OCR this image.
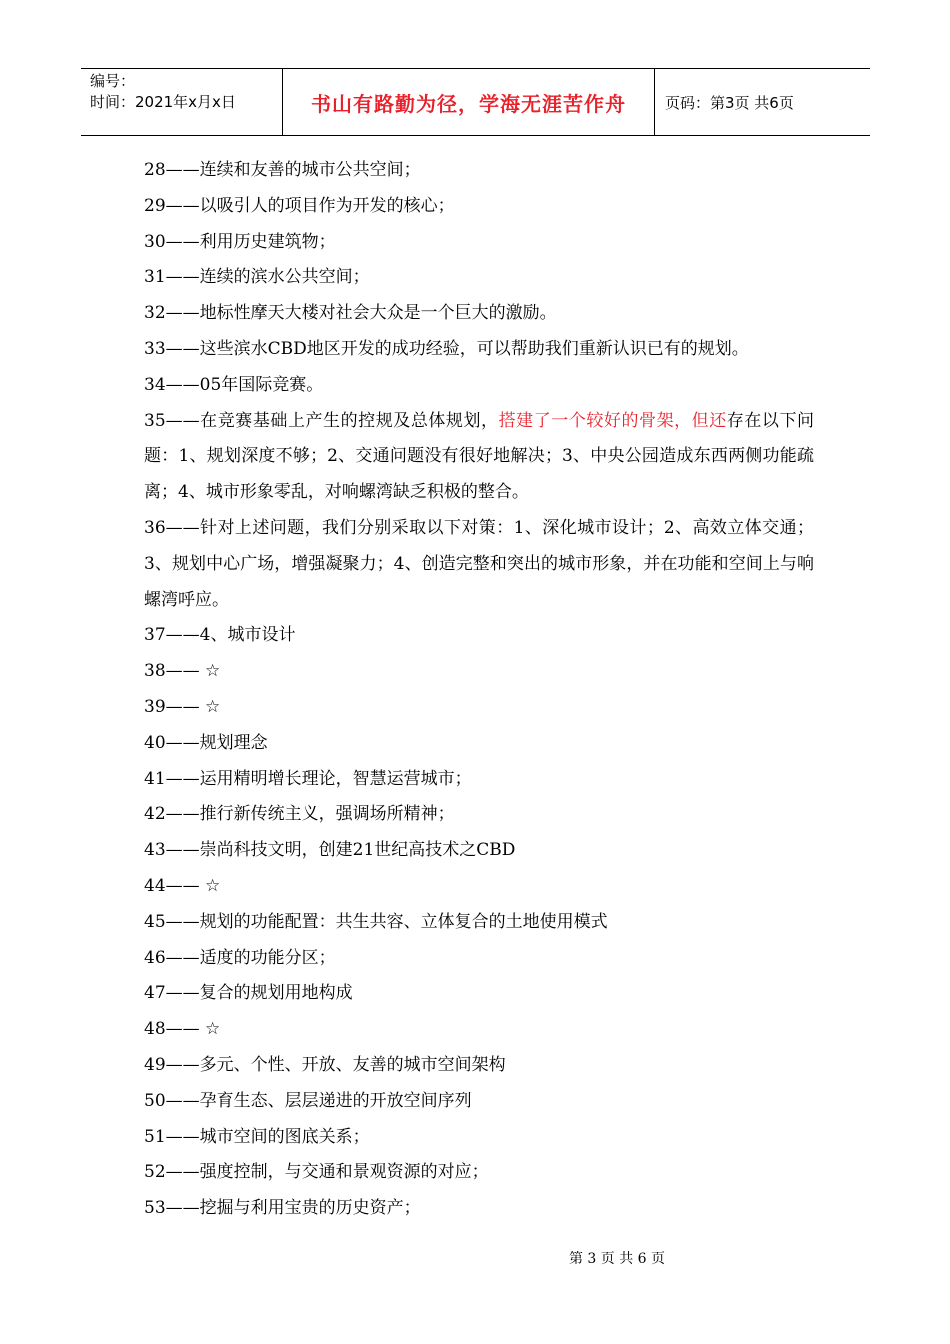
编号：
时间：2021年x月x日	书山有路勤为径，学海无涯苦作舟	页码：第3页 共6页
28——连续和友善的城市公共空间；
29——以吸引人的项目作为开发的核心；
30——利用历史建筑物；
31——连续的滨水公共空间；
32——地标性摩天大楼对社会大众是一个巨大的激励。
33——这些滨水CBD地区开发的成功经验，可以帮助我们重新认识已有的规划。
34——05年国际竞赛。
35——在竞赛基础上产生的控规及总体规划，搭建了一个较好的骨架，但还存在以下问题：1、规划深度不够；2、交通问题没有很好地解决；3、中央公园造成东西两侧功能疏离；4、城市形象零乱，对响螺湾缺乏积极的整合。
36——针对上述问题，我们分别采取以下对策：1、深化城市设计；2、高效立体交通；3、规划中心广场，增强凝聚力；4、创造完整和突出的城市形象，并在功能和空间上与响螺湾呼应。
37——4、城市设计
38—— ☆
39—— ☆
40——规划理念
41——运用精明增长理论，智慧运营城市；
42——推行新传统主义，强调场所精神；
43——崇尚科技文明，创建21世纪高技术之CBD
44—— ☆
45——规划的功能配置：共生共容、立体复合的土地使用模式
46——适度的功能分区；
47——复合的规划用地构成
48—— ☆
49——多元、个性、开放、友善的城市空间架构
50——孕育生态、层层递进的开放空间序列
51——城市空间的图底关系；
52——强度控制，与交通和景观资源的对应；
53——挖掘与利用宝贵的历史资产；
第 3 页 共 6 页
